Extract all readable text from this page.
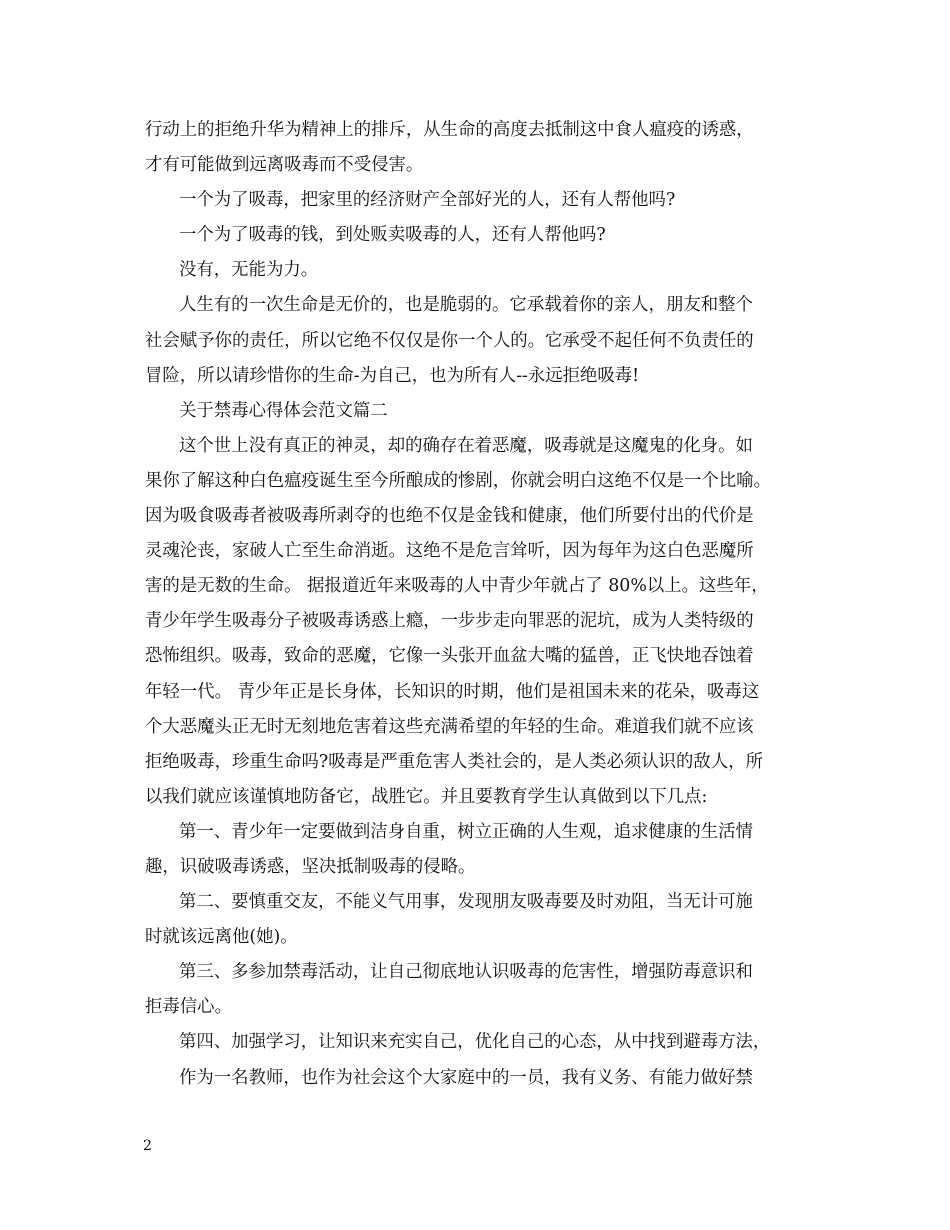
行动上的拒绝升华为精神上的排斥，从生命的高度去抵制这中食人瘟疫的诱惑，
才有可能做到远离吸毒而不受侵害。
一个为了吸毒，把家里的经济财产全部好光的人，还有人帮他吗?
一个为了吸毒的钱，到处贩卖吸毒的人，还有人帮他吗?
没有，无能为力。
人生有的一次生命是无价的，也是脆弱的。它承载着你的亲人，朋友和整个
社会赋予你的责任，所以它绝不仅仅是你一个人的。它承受不起任何不负责任的
冒险，所以请珍惜你的生命-为自己，也为所有人--永远拒绝吸毒!
关于禁毒心得体会范文篇二
这个世上没有真正的神灵，却的确存在着恶魔，吸毒就是这魔鬼的化身。如
果你了解这种白色瘟疫诞生至今所酿成的惨剧，你就会明白这绝不仅是一个比喻。
因为吸食吸毒者被吸毒所剥夺的也绝不仅是金钱和健康，他们所要付出的代价是
灵魂沦丧，家破人亡至生命消逝。这绝不是危言耸听，因为每年为这白色恶魔所
害的是无数的生命。 据报道近年来吸毒的人中青少年就占了 80%以上。这些年，
青少年学生吸毒分子被吸毒诱惑上瘾，一步步走向罪恶的泥坑，成为人类特级的
恐怖组织。吸毒，致命的恶魔，它像一头张开血盆大嘴的猛兽，正飞快地吞蚀着
年轻一代。 青少年正是长身体，长知识的时期，他们是祖国未来的花朵，吸毒这
个大恶魔头正无时无刻地危害着这些充满希望的年轻的生命。难道我们就不应该
拒绝吸毒，珍重生命吗?吸毒是严重危害人类社会的，是人类必须认识的敌人，所
以我们就应该谨慎地防备它，战胜它。并且要教育学生认真做到以下几点:
第一、青少年一定要做到洁身自重，树立正确的人生观，追求健康的生活情
趣，识破吸毒诱惑，坚决抵制吸毒的侵略。
第二、要慎重交友，不能义气用事，发现朋友吸毒要及时劝阻，当无计可施
时就该远离他(她)。
第三、多参加禁毒活动，让自己彻底地认识吸毒的危害性，增强防毒意识和
拒毒信心。
第四、加强学习，让知识来充实自己，优化自己的心态，从中找到避毒方法，
作为一名教师，也作为社会这个大家庭中的一员，我有义务、有能力做好禁
2
